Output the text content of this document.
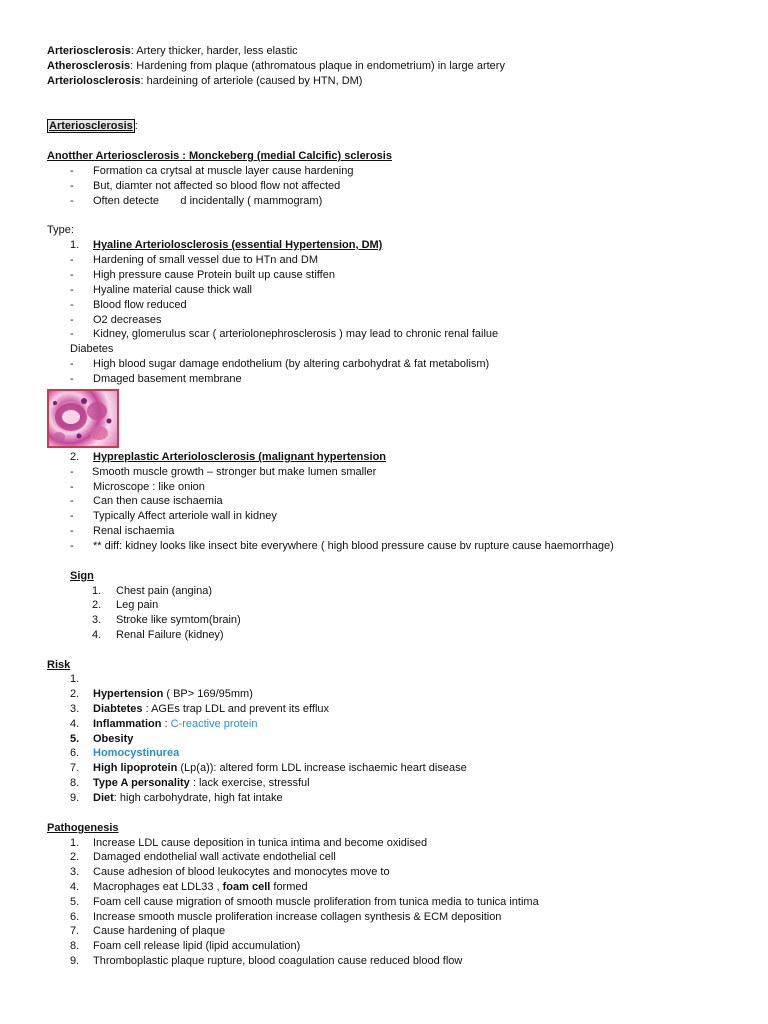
Arteriosclerosis: Artery thicker, harder, less elastic
Atherosclerosis: Hardening from plaque (athromatous plaque in endometrium) in large artery
Arteriolosclerosis: hardeining of arteriole (caused by HTN, DM)
Arteriosclerosis :
Anotther Arteriosclerosis : Monckeberg (medial Calcific) sclerosis
- Formation ca crytsal at muscle layer cause hardening
- But, diamter not affected so blood flow not affected
- Often detecte       d incidentally ( mammogram)
Type:
1. Hyaline Arteriolosclerosis (essential Hypertension, DM)
- Hardening of small vessel due to HTn and DM
- High pressure cause Protein built up cause stiffen
- Hyaline material cause thick wall
- Blood flow reduced
- O2 decreases
- Kidney, glomerulus scar ( arteriolonephrosclerosis ) may lead to chronic renal failue
Diabetes
- High blood sugar damage endothelium (by altering carbohydrat & fat metabolism)
- Dmaged basement membrane
2. Hypreplastic Arteriolosclerosis (malignant hypertension
- Smooth muscle growth – stronger but make lumen smaller
- Microscope : like onion
- Can then cause ischaemia
- Typically Affect arteriole wall in kidney
- Renal ischaemia
- ** diff: kidney looks like insect bite everywhere ( high blood pressure cause bv rupture cause haemorrhage)
Sign
1. Chest pain (angina)
2. Leg pain
3. Stroke like symtom(brain)
4. Renal Failure (kidney)
Risk
1.
2. Hypertension ( BP> 169/95mm)
3. Diabtetes : AGEs trap LDL and prevent its efflux
4. Inflammation : C-reactive protein
5. Obesity
6. Homocystinurea
7. High lipoprotein (Lp(a)): altered form LDL increase ischaemic heart disease
8. Type A personality : lack exercise, stressful
9. Diet: high carbohydrate, high fat intake
Pathogenesis
1. Increase LDL cause deposition in tunica intima and become oxidised
2. Damaged endothelial wall activate endothelial cell
3. Cause adhesion of blood leukocytes and monocytes move to
4. Macrophages eat LDL33 , foam cell formed
5. Foam cell cause migration of smooth muscle proliferation from tunica media to tunica intima
6. Increase smooth muscle proliferation increase collagen synthesis & ECM deposition
7. Cause hardening of plaque
8. Foam cell release lipid (lipid accumulation)
9. Thromboplastic plaque rupture, blood coagulation cause reduced blood flow
